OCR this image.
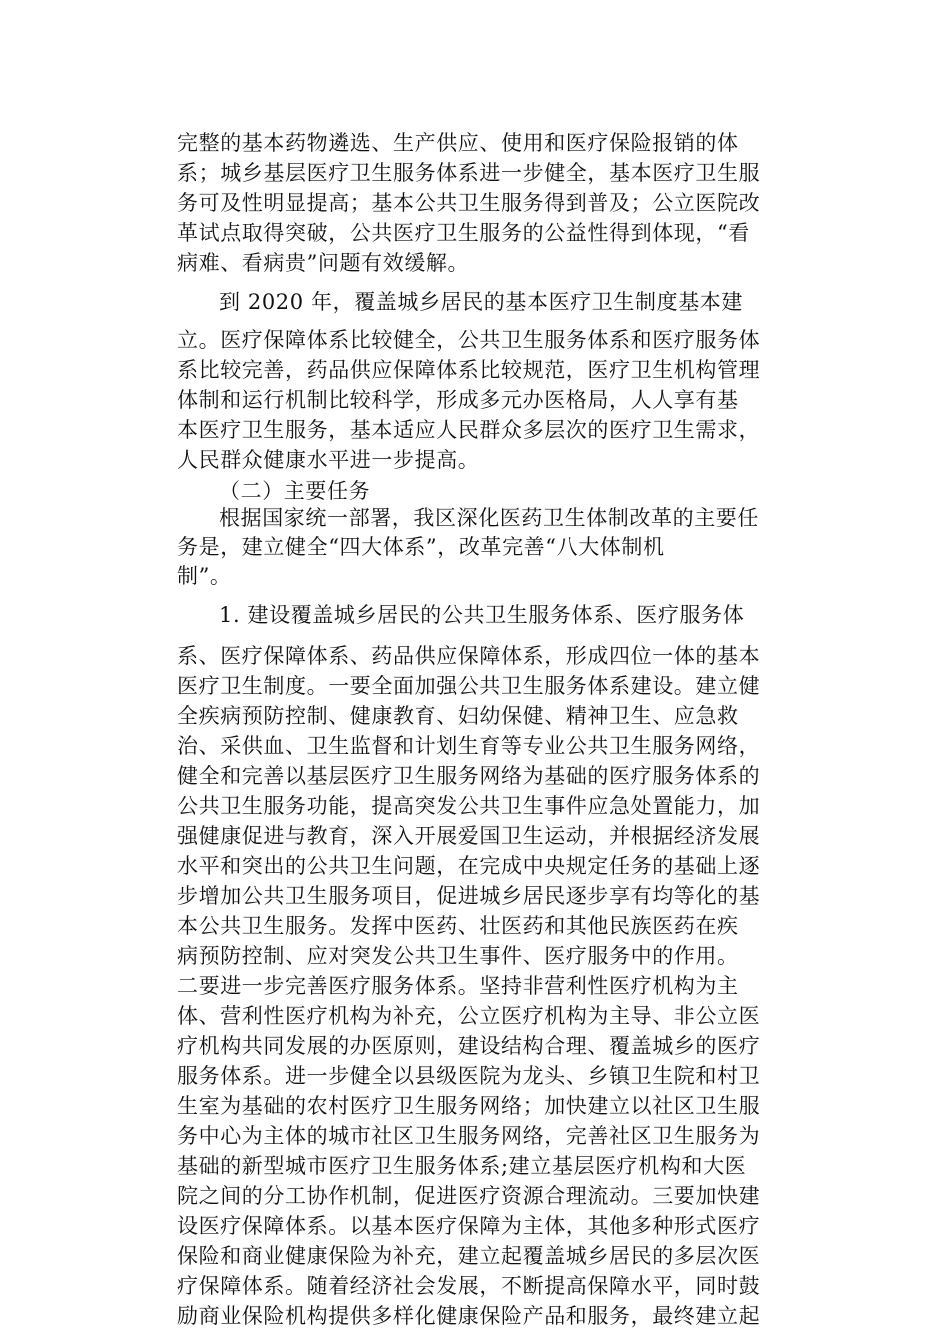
完整的基本药物遴选、生产供应、使用和医疗保险报销的体
系；城乡基层医疗卫生服务体系进一步健全，基本医疗卫生服
务可及性明显提高；基本公共卫生服务得到普及；公立医院改
革试点取得突破，公共医疗卫生服务的公益性得到体现，“看
病难、看病贵”问题有效缓解。
到 2020 年，覆盖城乡居民的基本医疗卫生制度基本建
立。医疗保障体系比较健全，公共卫生服务体系和医疗服务体
系比较完善，药品供应保障体系比较规范，医疗卫生机构管理
体制和运行机制比较科学，形成多元办医格局，人人享有基
本医疗卫生服务，基本适应人民群众多层次的医疗卫生需求，
人民群众健康水平进一步提高。
（二）主要任务
根据国家统一部署，我区深化医药卫生体制改革的主要任
务是，建立健全“四大体系”，改革完善“八大体制机
制”。
1. 建设覆盖城乡居民的公共卫生服务体系、医疗服务体
系、医疗保障体系、药品供应保障体系，形成四位一体的基本
医疗卫生制度。一要全面加强公共卫生服务体系建设。建立健
全疾病预防控制、健康教育、妇幼保健、精神卫生、应急救
治、采供血、卫生监督和计划生育等专业公共卫生服务网络，
健全和完善以基层医疗卫生服务网络为基础的医疗服务体系的
公共卫生服务功能，提高突发公共卫生事件应急处置能力，加
强健康促进与教育，深入开展爱国卫生运动，并根据经济发展
水平和突出的公共卫生问题，在完成中央规定任务的基础上逐
步增加公共卫生服务项目，促进城乡居民逐步享有均等化的基
本公共卫生服务。发挥中医药、壮医药和其他民族医药在疾
病预防控制、应对突发公共卫生事件、医疗服务中的作用。
二要进一步完善医疗服务体系。坚持非营利性医疗机构为主
体、营利性医疗机构为补充，公立医疗机构为主导、非公立医
疗机构共同发展的办医原则，建设结构合理、覆盖城乡的医疗
服务体系。进一步健全以县级医院为龙头、乡镇卫生院和村卫
生室为基础的农村医疗卫生服务网络；加快建立以社区卫生服
务中心为主体的城市社区卫生服务网络，完善社区卫生服务为
基础的新型城市医疗卫生服务体系;建立基层医疗机构和大医
院之间的分工协作机制，促进医疗资源合理流动。三要加快建
设医疗保障体系。以基本医疗保障为主体，其他多种形式医疗
保险和商业健康保险为补充，建立起覆盖城乡居民的多层次医
疗保障体系。随着经济社会发展，不断提高保障水平，同时鼓
励商业保险机构提供多样化健康保险产品和服务，最终建立起
